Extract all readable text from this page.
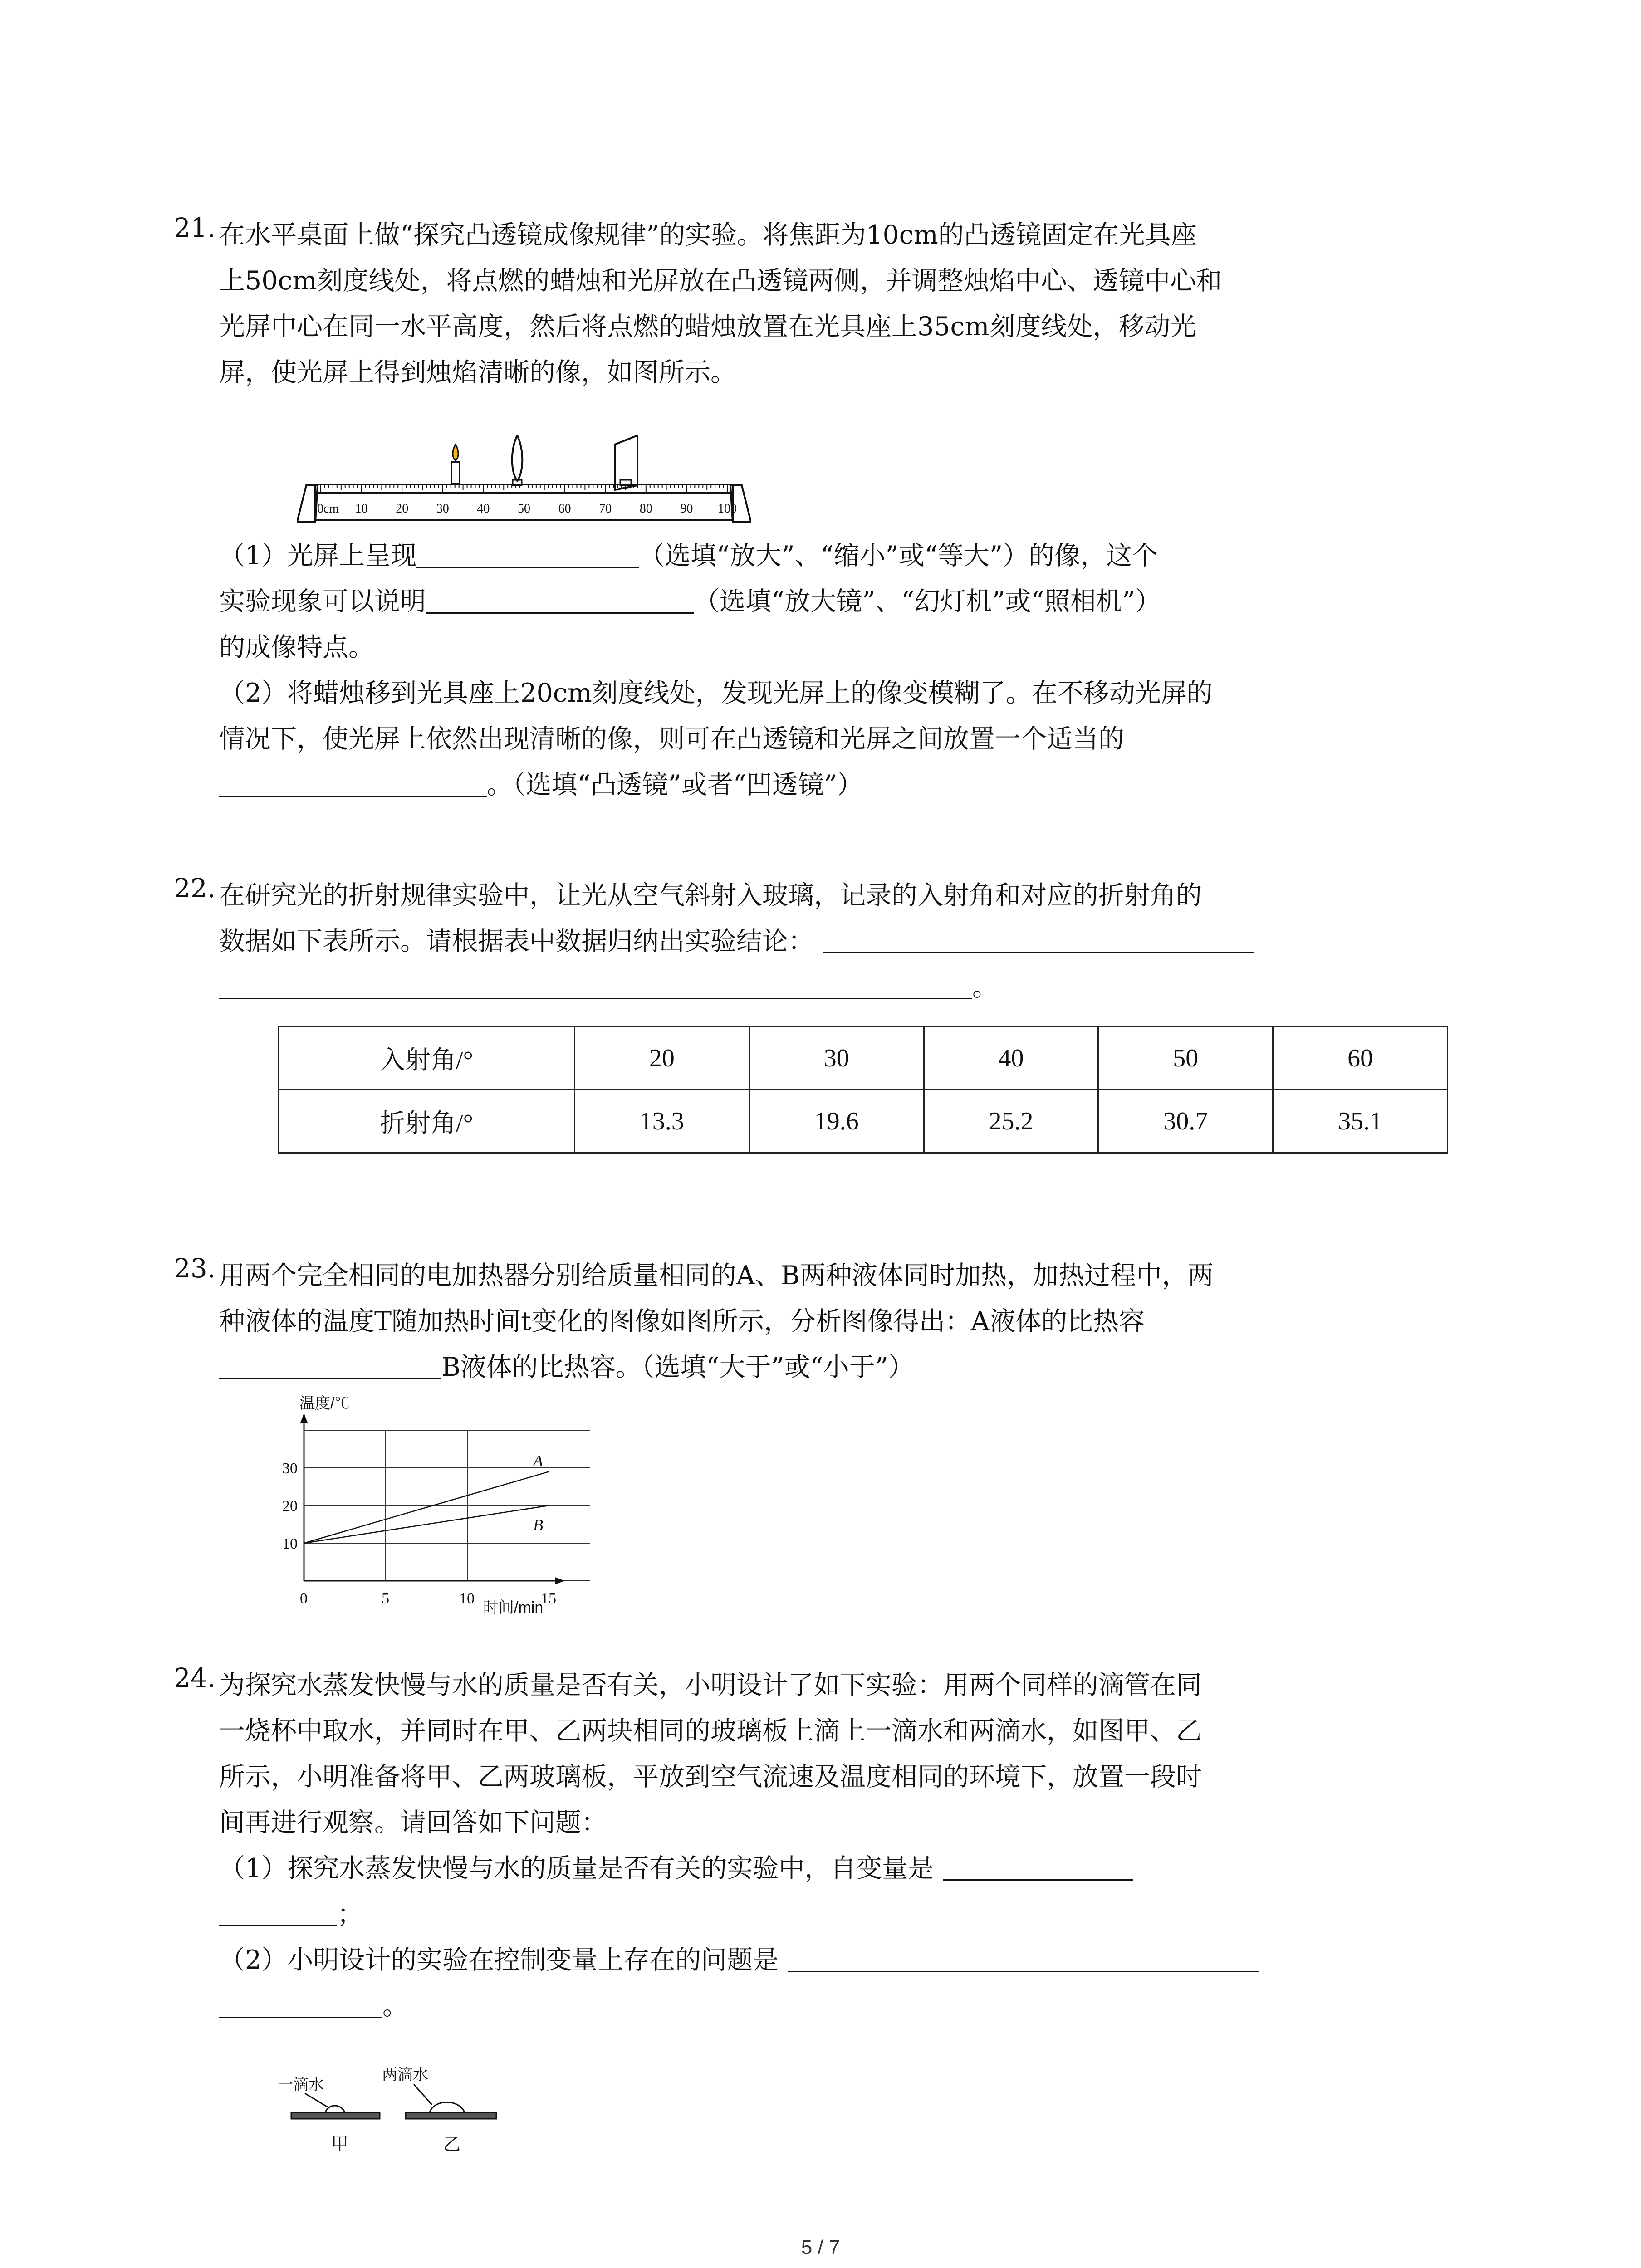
21. 在水平桌面上做“探究凸透镜成像规律”的实验。将焦距为10cm的凸透镜固定在光具座

上50cm刻度线处，将点燃的蜡烛和光屏放在凸透镜两侧，并调整烛焰中心、透镜中心和

光屏中心在同一水平高度，然后将点燃的蜡烛放置在光具座上35cm刻度线处，移动光

屏，使光屏上得到烛焰清晰的像，如图所示。

0cm 10 20 30 40 50 60 70 80 90 100

（1）光屏上呈现	（选填“放大”、“缩小”或“等大”）的像，这个

实验现象可以说明	（选填“放大镜”、“幻灯机”或“照相机”）

的成像特点。

（2）将蜡烛移到光具座上20cm刻度线处，发现光屏上的像变模糊了。在不移动光屏的

情况下，使光屏上依然出现清晰的像，则可在凸透镜和光屏之间放置一个适当的

。（选填“凸透镜”或者“凹透镜”）

22. 在研究光的折射规律实验中，让光从空气斜射入玻璃，记录的入射角和对应的折射角的

数据如下表所示。请根据表中数据归纳出实验结论：

。

入射角/°	20	30	40	50	60
折射角/°	13.3	19.6	25.2	30.7	35.1
23. 用两个完全相同的电加热器分别给质量相同的A、B两种液体同时加热，加热过程中，两

种液体的温度T随加热时间t变化的图像如图所示，分析图像得出：A液体的比热容

B液体的比热容。（选填“大于”或“小于”）

温度/℃
时间/min
0	5	10	15
10
20
30	A
B
24. 为探究水蒸发快慢与水的质量是否有关，小明设计了如下实验：用两个同样的滴管在同

一烧杯中取水，并同时在甲、乙两块相同的玻璃板上滴上一滴水和两滴水，如图甲、乙

所示，小明准备将甲、乙两玻璃板，平放到空气流速及温度相同的环境下，放置一段时

间再进行观察。请回答如下问题：

（1）探究水蒸发快慢与水的质量是否有关的实验中，自变量是

；

（2）小明设计的实验在控制变量上存在的问题是

。

一滴水
两滴水
甲	乙
5 / 7
